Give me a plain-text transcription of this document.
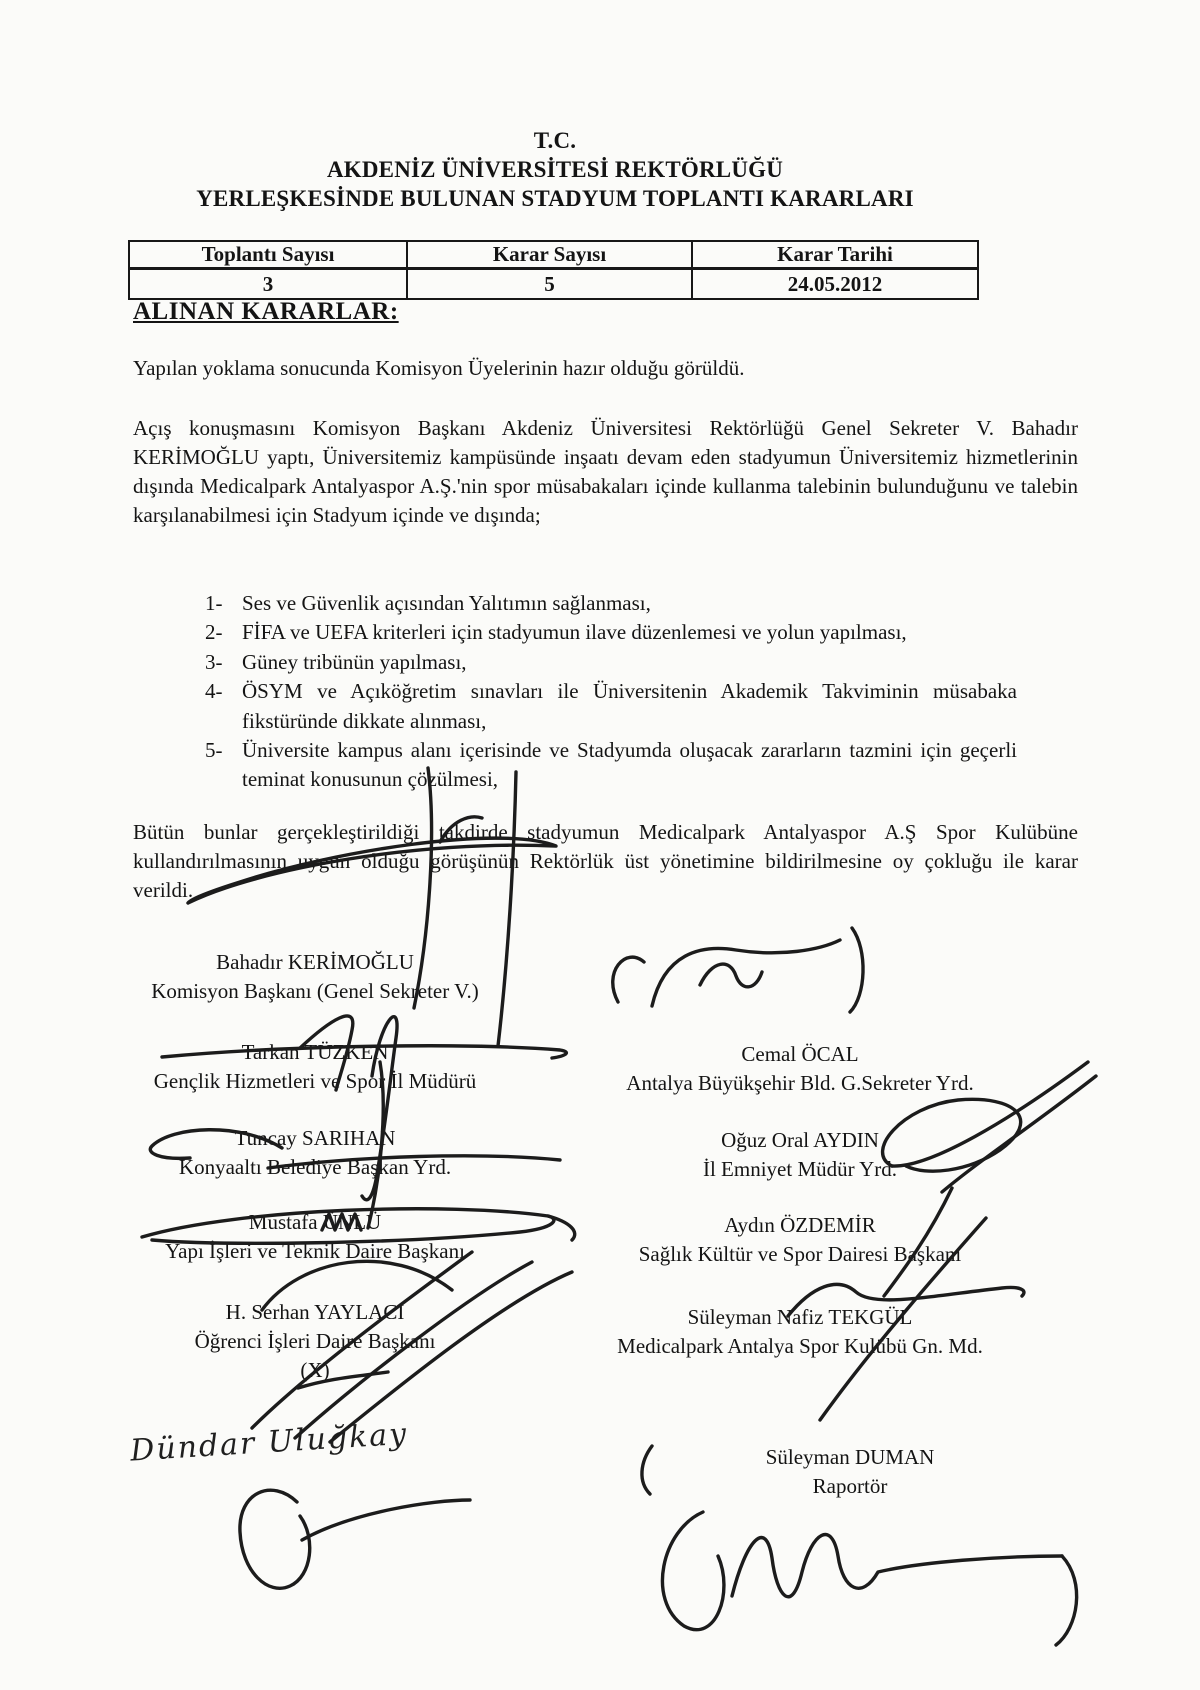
T.C.
AKDENİZ ÜNİVERSİTESİ REKTÖRLÜĞÜ
YERLEŞKESİNDE BULUNAN STADYUM TOPLANTI KARARLARI
Toplantı Sayısı	Karar Sayısı	Karar Tarihi
3	5	24.05.2012
ALINAN KARARLAR:

Yapılan yoklama sonucunda Komisyon Üyelerinin hazır olduğu görüldü.

Açış konuşmasını Komisyon Başkanı Akdeniz Üniversitesi Rektörlüğü Genel Sekreter V. Bahadır KERİMOĞLU yaptı, Üniversitemiz kampüsünde inşaatı devam eden stadyumun Üniversitemiz hizmetlerinin dışında Medicalpark Antalyaspor A.Ş.'nin spor müsabakaları içinde kullanma talebinin bulunduğunu ve talebin karşılanabilmesi için Stadyum içinde ve dışında;

1- Ses ve Güvenlik açısından Yalıtımın sağlanması,
2- FİFA ve UEFA kriterleri için stadyumun ilave düzenlemesi ve yolun yapılması,
3- Güney tribünün yapılması,
4- ÖSYM ve Açıköğretim sınavları ile Üniversitenin Akademik Takviminin müsabaka fikstüründe dikkate alınması,
5- Üniversite kampus alanı içerisinde ve Stadyumda oluşacak zararların tazmini için geçerli teminat konusunun çözülmesi,

Bütün bunlar gerçekleştirildiği takdirde stadyumun Medicalpark Antalyaspor A.Ş Spor Kulübüne kullandırılmasının uygun olduğu görüşünün Rektörlük üst yönetimine bildirilmesine oy çokluğu ile karar verildi.

Bahadır KERİMOĞLU
Komisyon Başkanı (Genel Sekreter V.)
Tarkan TÜZKEN
Gençlik Hizmetleri ve Spor İl Müdürü
Tuncay SARIHAN
Konyaaltı Belediye Başkan Yrd.
Mustafa ÜNLÜ
Yapı İşleri ve Teknik Daire Başkanı
H. Serhan YAYLACI
Öğrenci İşleri Daire Başkanı
(X)
Cemal ÖCAL
Antalya Büyükşehir Bld. G.Sekreter Yrd.
Oğuz Oral AYDIN
İl Emniyet Müdür Yrd.
Aydın ÖZDEMİR
Sağlık Kültür ve Spor Dairesi Başkanı
Süleyman Nafiz TEKGÜL
Medicalpark Antalya Spor Kulübü Gn. Md.
Süleyman DUMAN
Raportör
Dündar Uluğkay
